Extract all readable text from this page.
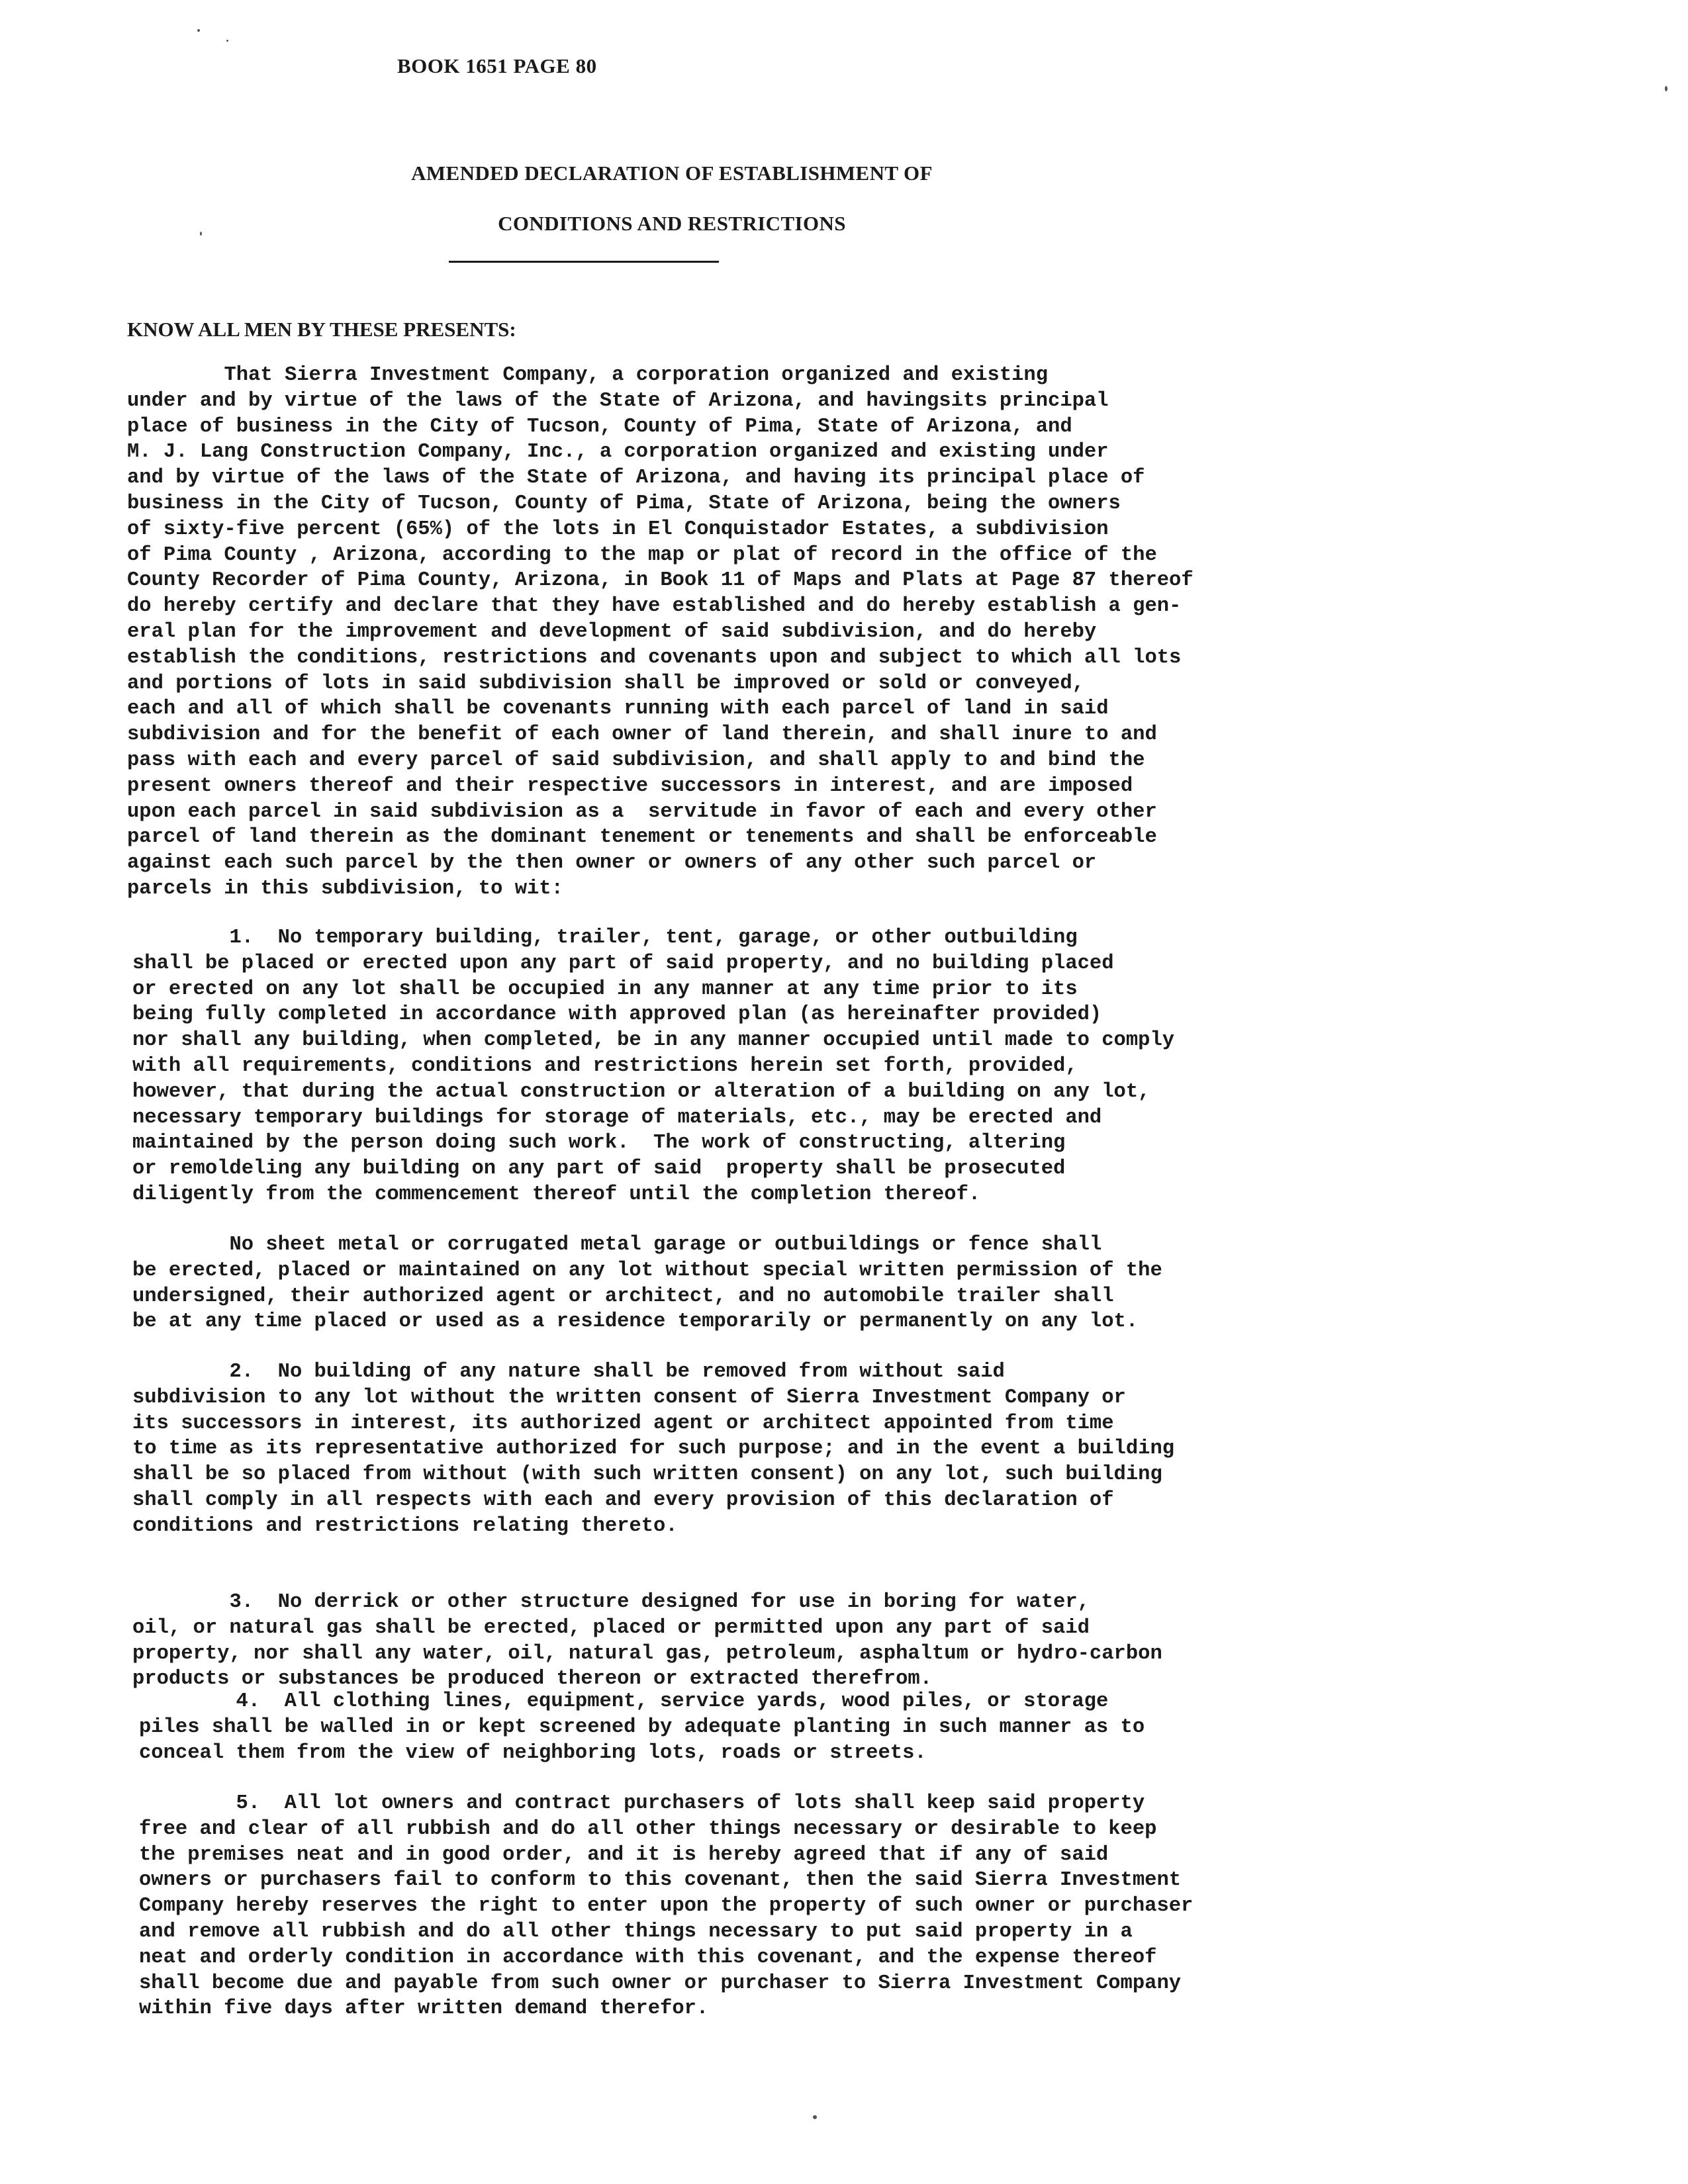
BOOK 1651 PAGE 80
AMENDED DECLARATION OF ESTABLISHMENT OF
CONDITIONS AND RESTRICTIONS
KNOW ALL MEN BY THESE PRESENTS:
That Sierra Investment Company, a corporation organized and existing
under and by virtue of the laws of the State of Arizona, and havingsits principal
place of business in the City of Tucson, County of Pima, State of Arizona, and
M. J. Lang Construction Company, Inc., a corporation organized and existing under
and by virtue of the laws of the State of Arizona, and having its principal place of
business in the City of Tucson, County of Pima, State of Arizona, being the owners
of sixty-five percent (65%) of the lots in El Conquistador Estates, a subdivision
of Pima County , Arizona, according to the map or plat of record in the office of the
County Recorder of Pima County, Arizona, in Book 11 of Maps and Plats at Page 87 thereof
do hereby certify and declare that they have established and do hereby establish a gen-
eral plan for the improvement and development of said subdivision, and do hereby
establish the conditions, restrictions and covenants upon and subject to which all lots
and portions of lots in said subdivision shall be improved or sold or conveyed,
each and all of which shall be covenants running with each parcel of land in said
subdivision and for the benefit of each owner of land therein, and shall inure to and
pass with each and every parcel of said subdivision, and shall apply to and bind the
present owners thereof and their respective successors in interest, and are imposed
upon each parcel in said subdivision as a  servitude in favor of each and every other
parcel of land therein as the dominant tenement or tenements and shall be enforceable
against each such parcel by the then owner or owners of any other such parcel or
parcels in this subdivision, to wit:
1.  No temporary building, trailer, tent, garage, or other outbuilding
shall be placed or erected upon any part of said property, and no building placed
or erected on any lot shall be occupied in any manner at any time prior to its
being fully completed in accordance with approved plan (as hereinafter provided)
nor shall any building, when completed, be in any manner occupied until made to comply
with all requirements, conditions and restrictions herein set forth, provided,
however, that during the actual construction or alteration of a building on any lot,
necessary temporary buildings for storage of materials, etc., may be erected and
maintained by the person doing such work.  The work of constructing, altering
or remoldeling any building on any part of said  property shall be prosecuted
diligently from the commencement thereof until the completion thereof.
No sheet metal or corrugated metal garage or outbuildings or fence shall
be erected, placed or maintained on any lot without special written permission of the
undersigned, their authorized agent or architect, and no automobile trailer shall
be at any time placed or used as a residence temporarily or permanently on any lot.
2.  No building of any nature shall be removed from without said
subdivision to any lot without the written consent of Sierra Investment Company or
its successors in interest, its authorized agent or architect appointed from time
to time as its representative authorized for such purpose; and in the event a building
shall be so placed from without (with such written consent) on any lot, such building
shall comply in all respects with each and every provision of this declaration of
conditions and restrictions relating thereto.
3.  No derrick or other structure designed for use in boring for water,
oil, or natural gas shall be erected, placed or permitted upon any part of said
property, nor shall any water, oil, natural gas, petroleum, asphaltum or hydro-carbon
products or substances be produced thereon or extracted therefrom.
4.  All clothing lines, equipment, service yards, wood piles, or storage
piles shall be walled in or kept screened by adequate planting in such manner as to
conceal them from the view of neighboring lots, roads or streets.
5.  All lot owners and contract purchasers of lots shall keep said property
free and clear of all rubbish and do all other things necessary or desirable to keep
the premises neat and in good order, and it is hereby agreed that if any of said
owners or purchasers fail to conform to this covenant, then the said Sierra Investment
Company hereby reserves the right to enter upon the property of such owner or purchaser
and remove all rubbish and do all other things necessary to put said property in a
neat and orderly condition in accordance with this covenant, and the expense thereof
shall become due and payable from such owner or purchaser to Sierra Investment Company
within five days after written demand therefor.
